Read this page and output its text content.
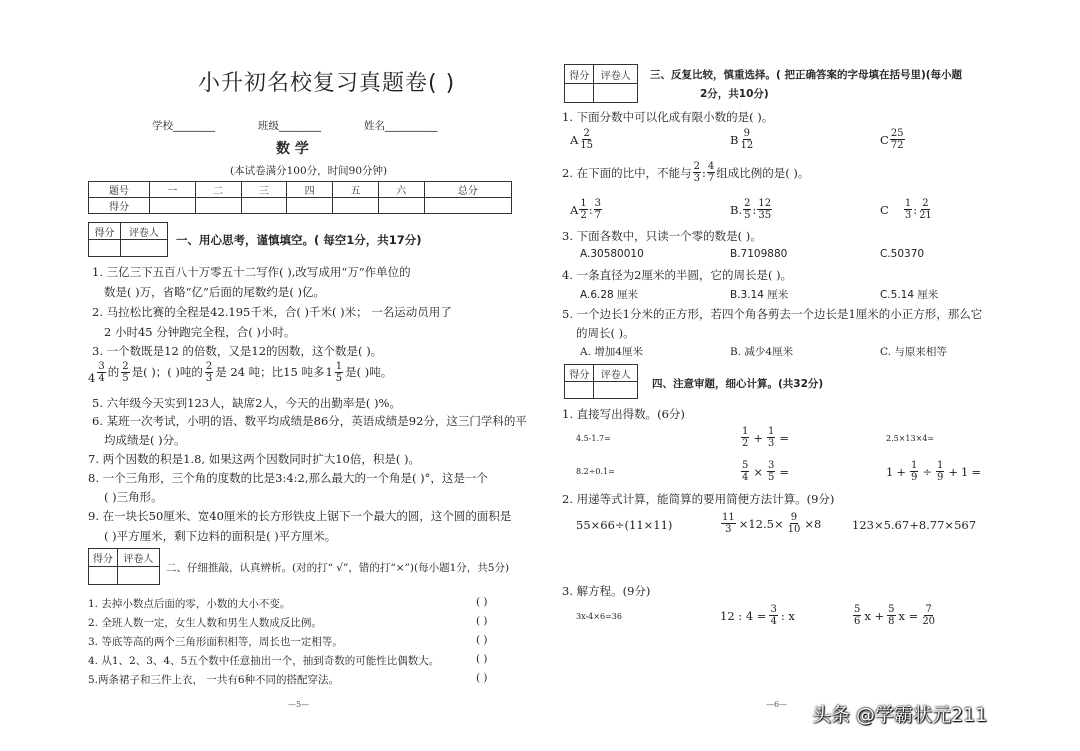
小升初名校复习真题卷( )
学校________	班级________	姓名__________
数 学
(本试卷满分100分，时间90分钟)
题号	一	二	三	四	五	六	总分
得分							
得分	评卷人
	一、用心思考，谨慎填空。( 每空1分，共17分)
1. 三亿三下五百八十万零五十二写作( ),改写成用“万”作单位的
数是( )万，省略“亿”后面的尾数约是( )亿。
2. 马拉松比赛的全程是42.195千米，合( )千米( )米； 一名运动员用了
2 小时45 分钟跑完全程，合( )小时。
3. 一个数既是12 的倍数，又是12的因数，这个数是( )。
$4 \frac{3}{4}$ 的 $\frac{2}{5}$ 是( )；( )吨的 $\frac{2}{3}$ 是 24 吨；比15 吨多 $1 \frac{1}{5}$ 是( )吨。
5. 六年级今天实到123人，缺席2人，今天的出勤率是( )%。
6. 某班一次考试，小明的语、数平均成绩是86分，英语成绩是92分，这三门学科的平
均成绩是( )分。
7. 两个因数的积是1.8, 如果这两个因数同时扩大10倍，积是( )。
8. 一个三角形，三个角的度数的比是3:4:2,那么最大的一个角是( )°，这是一个
( )三角形。
9. 在一块长50厘米、宽40厘米的长方形铁皮上锯下一个最大的圆，这个圆的面积是
( )平方厘米，剩下边料的面积是( )平方厘米。
得分	评卷人

二、仔细推敲，认真辨析。(对的打“ √”，错的打“×”)(每小题1分，共5分)
1. 去掉小数点后面的零，小数的大小不变。	( )
2. 全班人数一定，女生人数和男生人数成反比例。	( )
3. 等底等高的两个三角形面积相等，周长也一定相等。	( )
4. 从1、2、3、4、5五个数中任意抽出一个，抽到奇数的可能性比偶数大。	( )
5.两条裙子和三件上衣， 一共有6种不同的搭配穿法。	( )
—5—
得分	评卷人
	三、反复比较，慎重选择。( 把正确答案的字母填在括号里)(每小题
2分，共10分)
1. 下面分数中可以化成有限小数的是( )。
A $\frac{2}{15}$	B $\frac{9}{12}$	C $\frac{25}{72}$
2. 在下面的比中，不能与 $\frac{2}{3}$ : $\frac{4}{7}$ 组成比例的是( )。
A $\frac{1}{2}$ : $\frac{3}{7}$	B . $\frac{2}{5}$ : $\frac{12}{35}$	C $\frac{1}{3}$ : $\frac{2}{21}$
3. 下面各数中，只读一个零的数是( )。
A.30580010	B.7109880	C.50370
4. 一条直径为2厘米的半圆，它的周长是( )。
A.6.28 厘米	B.3.14 厘米	C.5.14 厘米
5. 一个边长1分米的正方形，若四个角各剪去一个边长是1厘米的小正方形，那么它
的周长( )。
A. 增加4厘米	B. 减少4厘米	C. 与原来相等
得分	评卷人

四、注意审题，细心计算。(共32分)
1. 直接写出得数。(6分)
4.5-1.7=	$\frac{1}{2} + \frac{1}{3}$ =	2.5×13×4=
8.2÷0.1=	$\frac{5}{4} \times \frac{3}{5}$ =	$1 + \frac{1}{9} \div \frac{1}{9} + 1$ =
2. 用递等式计算，能简算的要用简便方法计算。(9分)
55×66÷(11×11)	$\frac{11}{3} \times 12.5\times \frac{9}{10} \times 8$	123×5.67+8.77×567
3. 解方程。(9分)
3x-4×6=36	12 : $4 = \frac{3}{4}$ : x	$\frac{5}{6}$ $x + \frac{5}{8}$ $x = \frac{7}{20}$
—6— 头条 @学霸状元211
